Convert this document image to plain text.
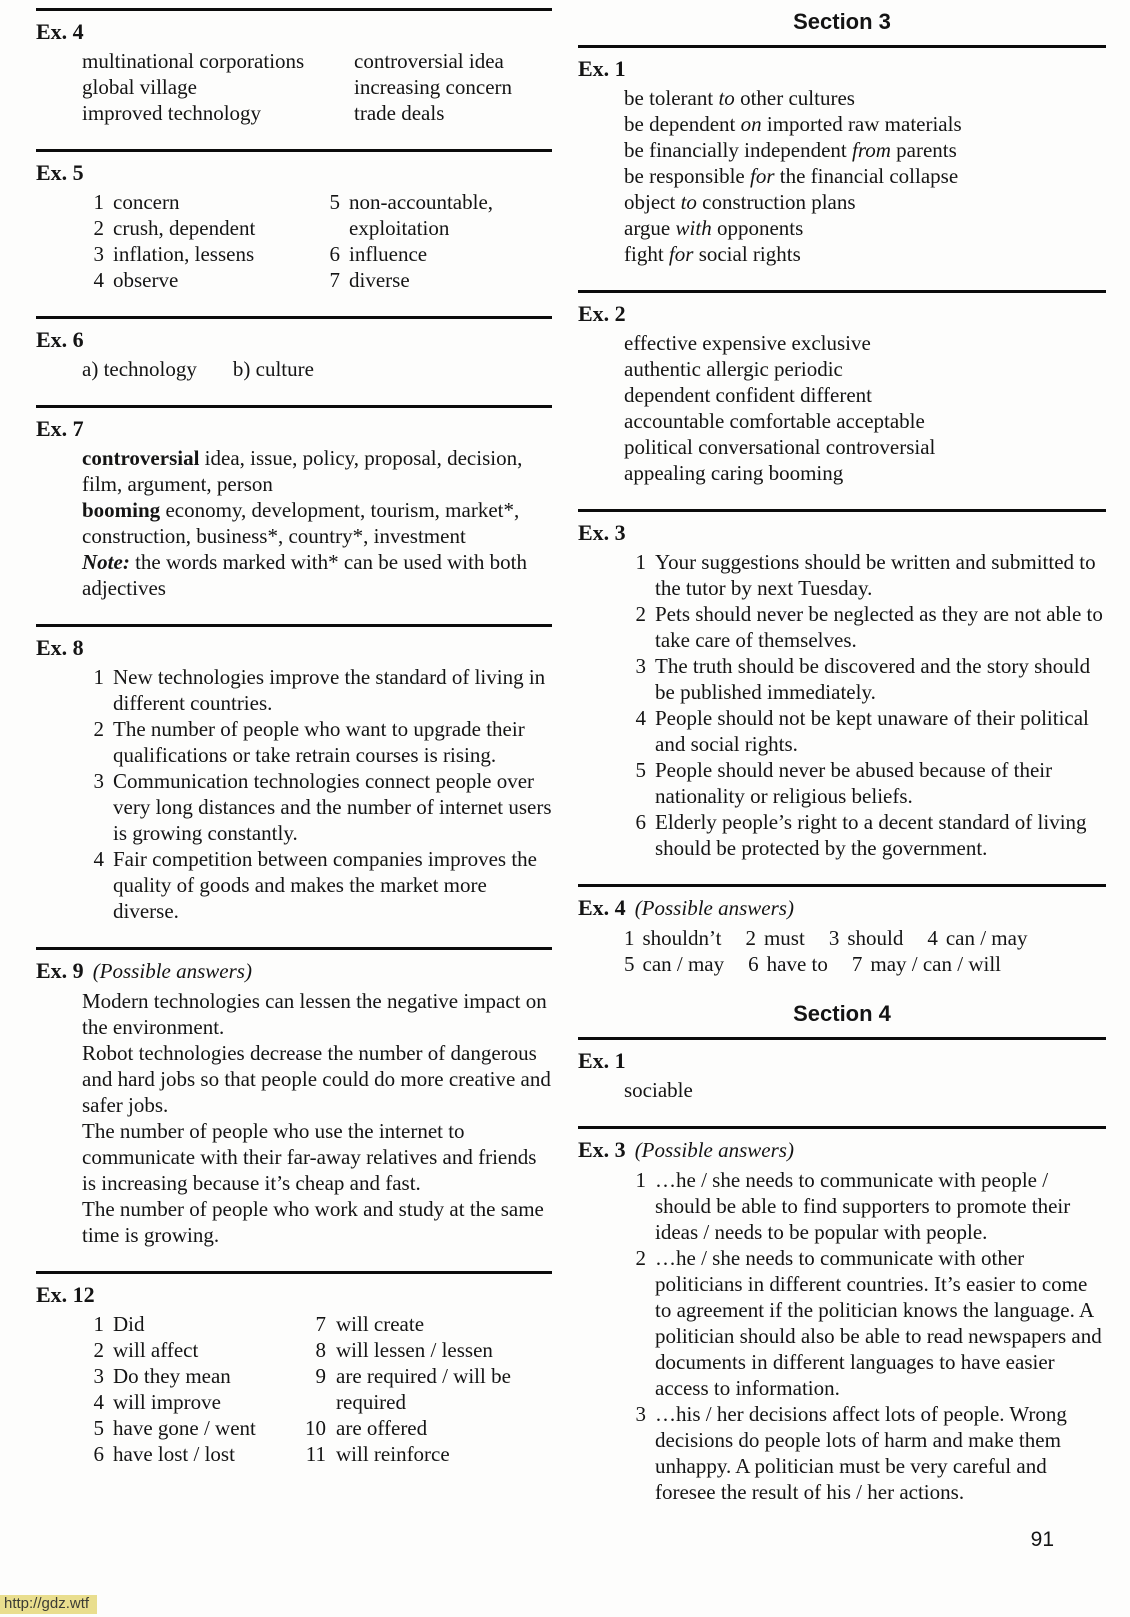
Ex. 4
multinational corporations
global village
improved technology
controversial idea
increasing concern
trade deals
Ex. 5
1 concern
2 crush, dependent
3 inflation, lessens
4 observe
5 non-accountable, exploitation
6 influence
7 diverse
Ex. 6
a) technology b) culture
Ex. 7

controversial idea, issue, policy, proposal, decision, film, argument, person

booming economy, development, tourism, market*, construction, business*, country*, investment

Note: the words marked with* can be used with both adjectives

Ex. 8
1 New technologies improve the standard of living in different countries.
2 The number of people who want to upgrade their qualifications or take retrain courses is rising.
3 Communication technologies connect people over very long distances and the number of internet users is growing constantly.
4 Fair competition between companies improves the quality of goods and makes the market more diverse.
Ex. 9 (Possible answers)

Modern technologies can lessen the negative impact on the environment.

Robot technologies decrease the number of dangerous and hard jobs so that people could do more creative and safer jobs.

The number of people who use the internet to communicate with their far-away relatives and friends is increasing because it’s cheap and fast.

The number of people who work and study at the same time is growing.

Ex. 12
1 Did
2 will affect
3 Do they mean
4 will improve
5 have gone / went
6 have lost / lost
7 will create
8 will lessen / lessen
9 are required / will be required
10 are offered
11 will reinforce
Section 3
Ex. 1
be tolerant to other cultures
be dependent on imported raw materials
be financially independent from parents
be responsible for the financial collapse
object to construction plans
argue with opponents
fight for social rights
Ex. 2
effective expensive exclusive
authentic allergic periodic
dependent confident different
accountable comfortable acceptable
political conversational controversial
appealing caring booming
Ex. 3
1 Your suggestions should be written and submitted to the tutor by next Tuesday.
2 Pets should never be neglected as they are not able to take care of themselves.
3 The truth should be discovered and the story should be published immediately.
4 People should not be kept unaware of their political and social rights.
5 People should never be abused because of their nationality or religious beliefs.
6 Elderly people’s right to a decent standard of living should be protected by the government.
Ex. 4 (Possible answers)
1 shouldn’t 2 must 3 should 4 can / may
5 can / may 6 have to 7 may / can / will
Section 4
Ex. 1
sociable
Ex. 3 (Possible answers)
1 …he / she needs to communicate with people / should be able to find supporters to promote their ideas / needs to be popular with people.
2 …he / she needs to communicate with other politicians in different countries. It’s easier to come to agreement if the politician knows the language. A politician should also be able to read newspapers and documents in different languages to have easier access to information.
3 …his / her decisions affect lots of people. Wrong decisions do people lots of harm and make them unhappy. A politician must be very careful and foresee the result of his / her actions.
91
http://gdz.wtf
